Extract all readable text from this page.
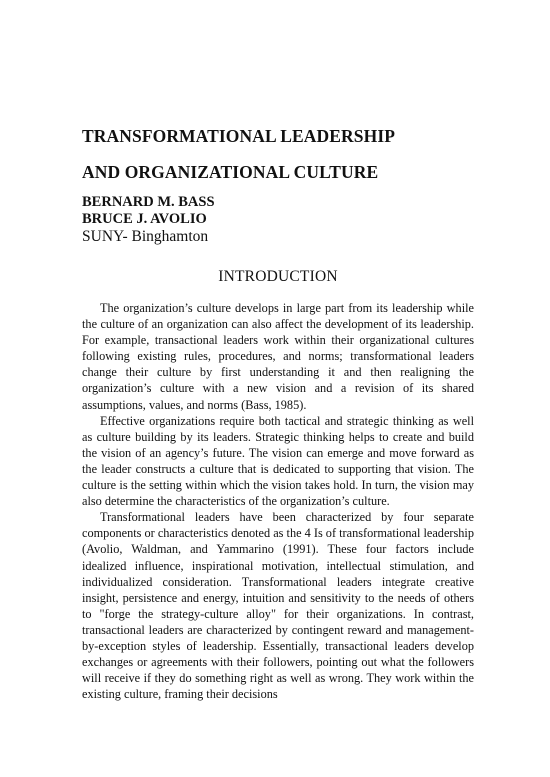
TRANSFORMATIONAL LEADERSHIP
AND ORGANIZATIONAL CULTURE
BERNARD M. BASS
BRUCE J. AVOLIO
SUNY- Binghamton
INTRODUCTION

The organization’s culture develops in large part from its leadership while the culture of an organization can also affect the development of its leadership. For example, transactional leaders work within their organizational cultures following existing rules, procedures, and norms; transformational leaders change their culture by first understanding it and then realigning the organization’s culture with a new vision and a revision of its shared assumptions, values, and norms (Bass, 1985).

Effective organizations require both tactical and strategic thinking as well as culture building by its leaders. Strategic thinking helps to create and build the vision of an agency’s future. The vision can emerge and move forward as the leader constructs a culture that is dedicated to supporting that vision. The culture is the setting within which the vision takes hold. In turn, the vision may also determine the characteristics of the organization’s culture.

Transformational leaders have been characterized by four separate components or characteristics denoted as the 4 Is of transformational leadership (Avolio, Waldman, and Yammarino (1991). These four factors include idealized influence, inspirational motivation, intellectual stimulation, and individualized consideration. Transformational leaders integrate creative insight, persistence and energy, intuition and sensitivity to the needs of others to "forge the strategy-culture alloy" for their organizations. In contrast, transactional leaders are characterized by contingent reward and management-by-exception styles of leadership. Essentially, transactional leaders develop exchanges or agreements with their followers, pointing out what the followers will receive if they do something right as well as wrong. They work within the existing culture, framing their decisions
